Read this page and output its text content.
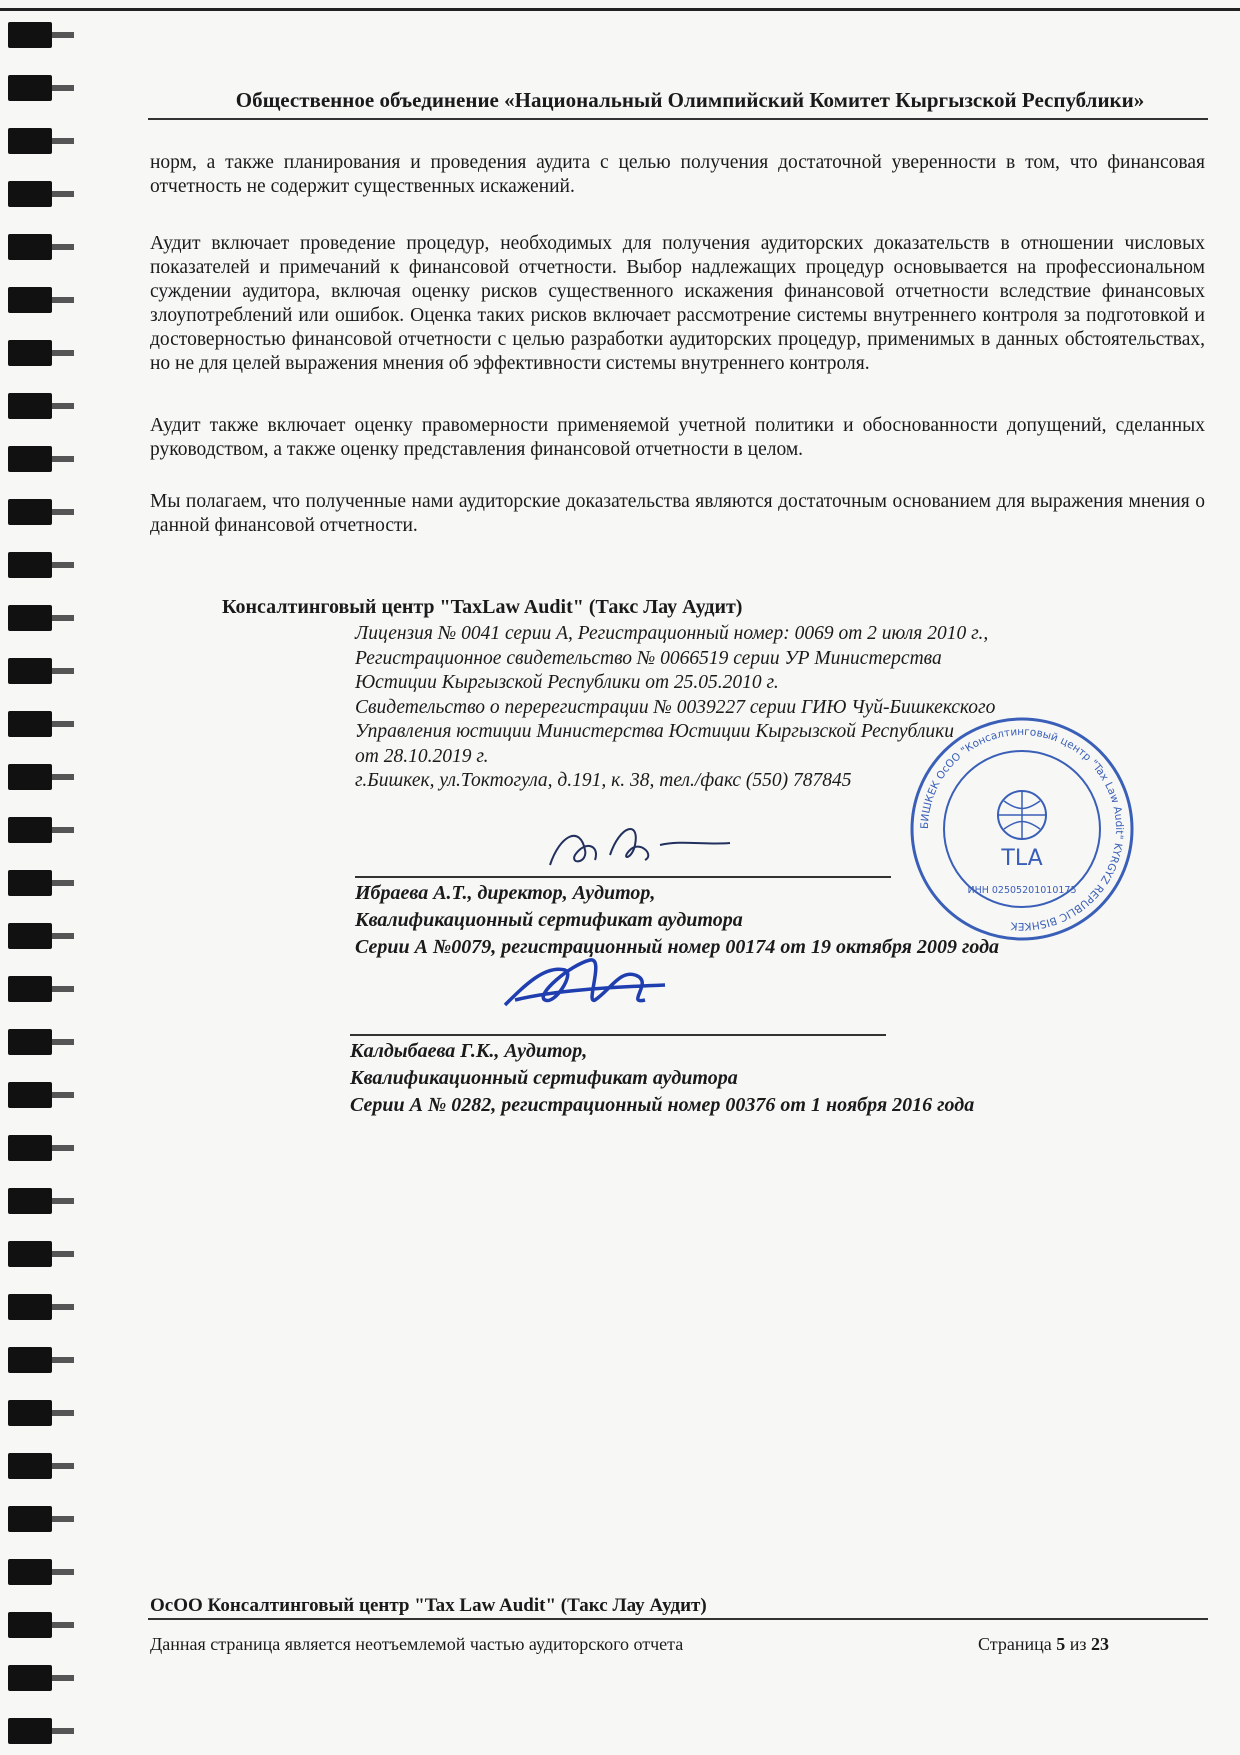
Общественное объединение «Национальный Олимпийский Комитет Кыргызской Республики»
норм, а также планирования и проведения аудита с целью получения достаточной уверенности в том, что финансовая отчетность не содержит существенных искажений.
Аудит включает проведение процедур, необходимых для получения аудиторских доказательств в отношении числовых показателей и примечаний к финансовой отчетности. Выбор надлежащих процедур основывается на профессиональном суждении аудитора, включая оценку рисков существенного искажения финансовой отчетности вследствие финансовых злоупотреблений или ошибок. Оценка таких рисков включает рассмотрение системы внутреннего контроля за подготовкой и достоверностью финансовой отчетности с целью разработки аудиторских процедур, применимых в данных обстоятельствах, но не для целей выражения мнения об эффективности системы внутреннего контроля.
Аудит также включает оценку правомерности применяемой учетной политики и обоснованности допущений, сделанных руководством, а также оценку представления финансовой отчетности в целом.
Мы полагаем, что полученные нами аудиторские доказательства являются достаточным основанием для выражения мнения о данной финансовой отчетности.
Консалтинговый центр "TaxLaw Audit" (Такс Лау Аудит)
Лицензия № 0041 серии А, Регистрационный номер: 0069 от 2 июля 2010 г.,
Регистрационное свидетельство № 0066519 серии УР Министерства
Юстиции Кыргызской Республики от 25.05.2010 г.
Свидетельство о перерегистрации № 0039227 серии ГИЮ Чуй-Бишкекского
Управления юстиции Министерства Юстиции Кыргызской Республики
от 28.10.2019 г.
г.Бишкек, ул.Токтогула, д.191, к. 38, тел./факс (550) 787845
Ибраева А.Т., директор, Аудитор,
Квалификационный сертификат аудитора
Серии А №0079, регистрационный номер 00174 от 19 октября 2009 года
Калдыбаева Г.К., Аудитор,
Квалификационный сертификат аудитора
Серии А № 0282, регистрационный номер 00376 от 1 ноября 2016 года
БИШКЕК ОсОО "Консалтинговый центр "Tax Law Audit" KYRGYZ REPUBLIC BISHKEK
TLA
ИНН 02505201010175
ОсОО Консалтинговый центр "Tax Law Audit" (Такс Лау Аудит)
Данная страница является неотъемлемой частью аудиторского отчета	Страница 5 из 23
